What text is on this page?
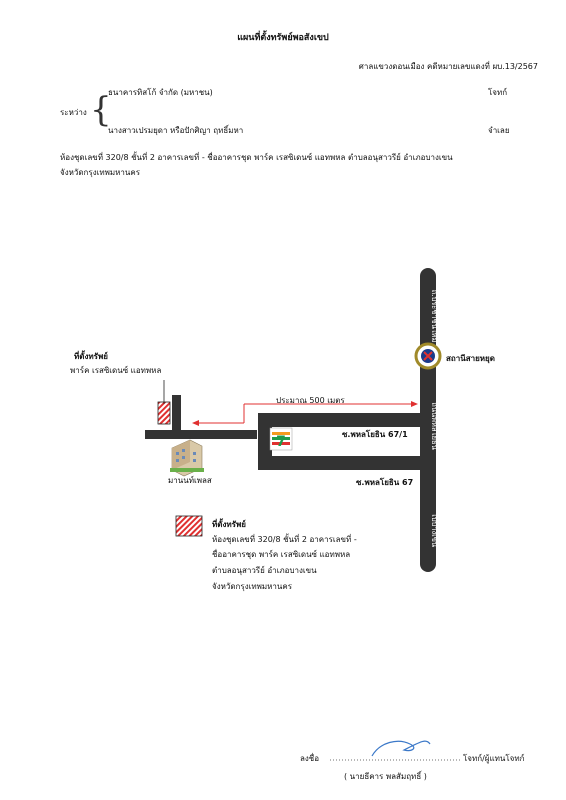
แผนที่ตั้งทรัพย์พอสังเขป
ศาลแขวงดอนเมือง คดีหมายเลขแดงที่ ผบ.13/2567
ระหว่าง {
ธนาคารทิสโก้ จำกัด (มหาชน)	โจทก์
นางสาวเปรมยุดา หรือปักศิญา ฤทธิ์มหา	จำเลย
ห้องชุดเลขที่ 320/8 ชั้นที่ 2 อาคารเลขที่ - ชื่ออาคารชุด พาร์ค เรสซิเดนซ์ แอทพหล ตำบลอนุสาวรีย์ อำเภอบางเขน
จังหวัดกรุงเทพมหานคร
7
ถ.ประชาชนใหม่
ถนนพหลโยธิน
ไปบางเขน
ที่ตั้งทรัพย์
พาร์ค เรสซิเดนซ์ แอทพหล
สถานีสายหยุด
ประมาณ 500 เมตร
ซ.พหลโยธิน 67/1
ซ.พหลโยธิน 67
มานนท์เพลส
ที่ตั้งทรัพย์
ห้องชุดเลขที่ 320/8 ชั้นที่ 2 อาคารเลขที่ -
ชื่ออาคารชุด พาร์ค เรสซิเดนซ์ แอทพหล
ตำบลอนุสาวรีย์ อำเภอบางเขน
จังหวัดกรุงเทพมหานคร
ลงชื่อ	โจทก์/ผู้แทนโจทก์
( นายธีคาร พลสัมฤทธิ์ )
